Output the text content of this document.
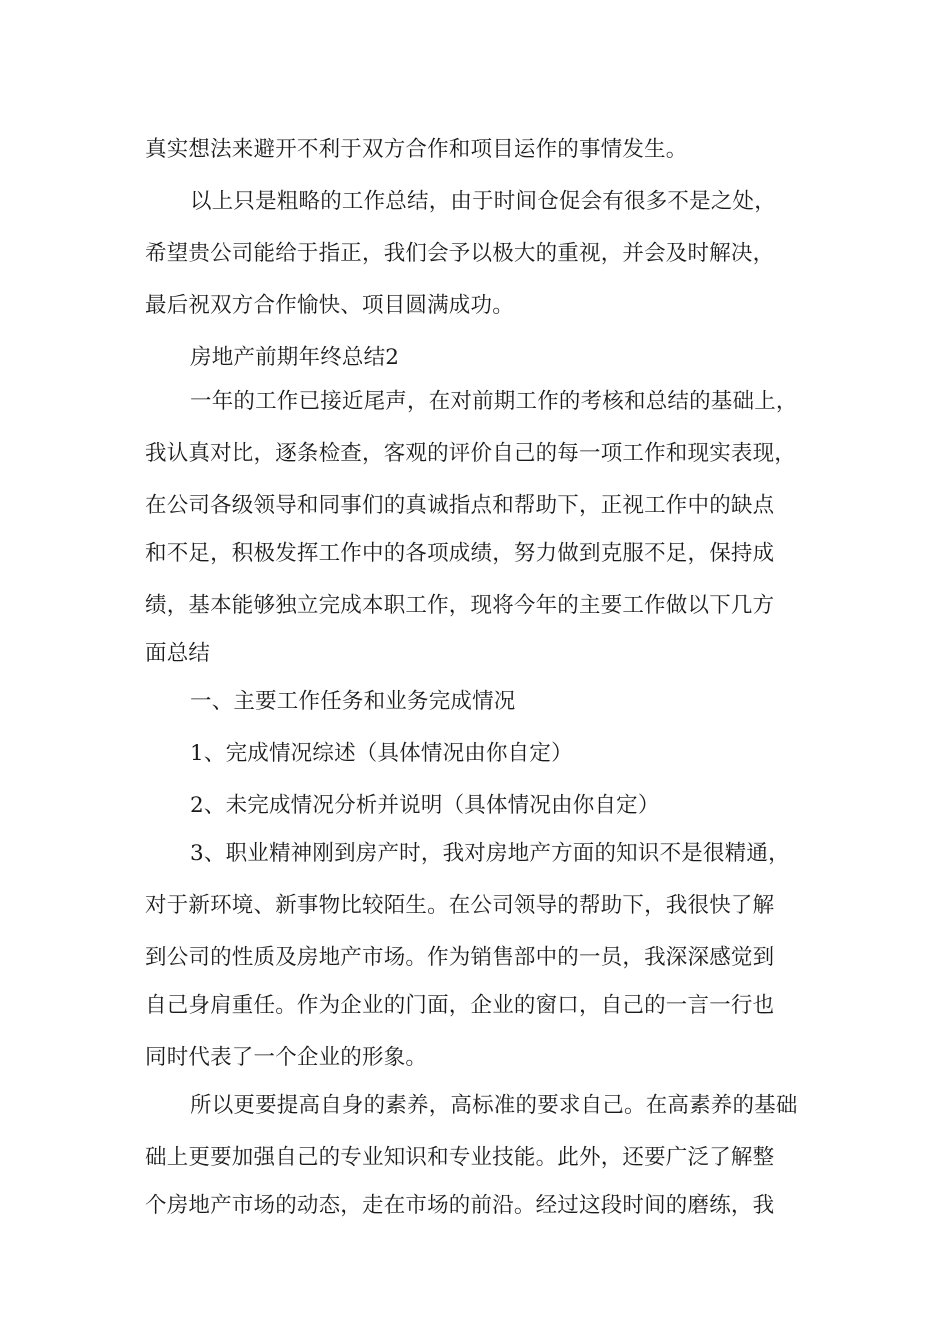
真实想法来避开不利于双方合作和项目运作的事情发生。
以上只是粗略的工作总结，由于时间仓促会有很多不是之处，
希望贵公司能给于指正，我们会予以极大的重视，并会及时解决，
最后祝双方合作愉快、项目圆满成功。
房地产前期年终总结2
一年的工作已接近尾声，在对前期工作的考核和总结的基础上，
我认真对比，逐条检查，客观的评价自己的每一项工作和现实表现，
在公司各级领导和同事们的真诚指点和帮助下，正视工作中的缺点
和不足，积极发挥工作中的各项成绩，努力做到克服不足，保持成
绩，基本能够独立完成本职工作，现将今年的主要工作做以下几方
面总结
一、主要工作任务和业务完成情况
1、完成情况综述（具体情况由你自定）
2、未完成情况分析并说明（具体情况由你自定）
3、职业精神刚到房产时，我对房地产方面的知识不是很精通，
对于新环境、新事物比较陌生。在公司领导的帮助下，我很快了解
到公司的性质及房地产市场。作为销售部中的一员，我深深感觉到
自己身肩重任。作为企业的门面，企业的窗口，自己的一言一行也
同时代表了一个企业的形象。
所以更要提高自身的素养，高标准的要求自己。在高素养的基础
础上更要加强自己的专业知识和专业技能。此外，还要广泛了解整
个房地产市场的动态，走在市场的前沿。经过这段时间的磨练，我
